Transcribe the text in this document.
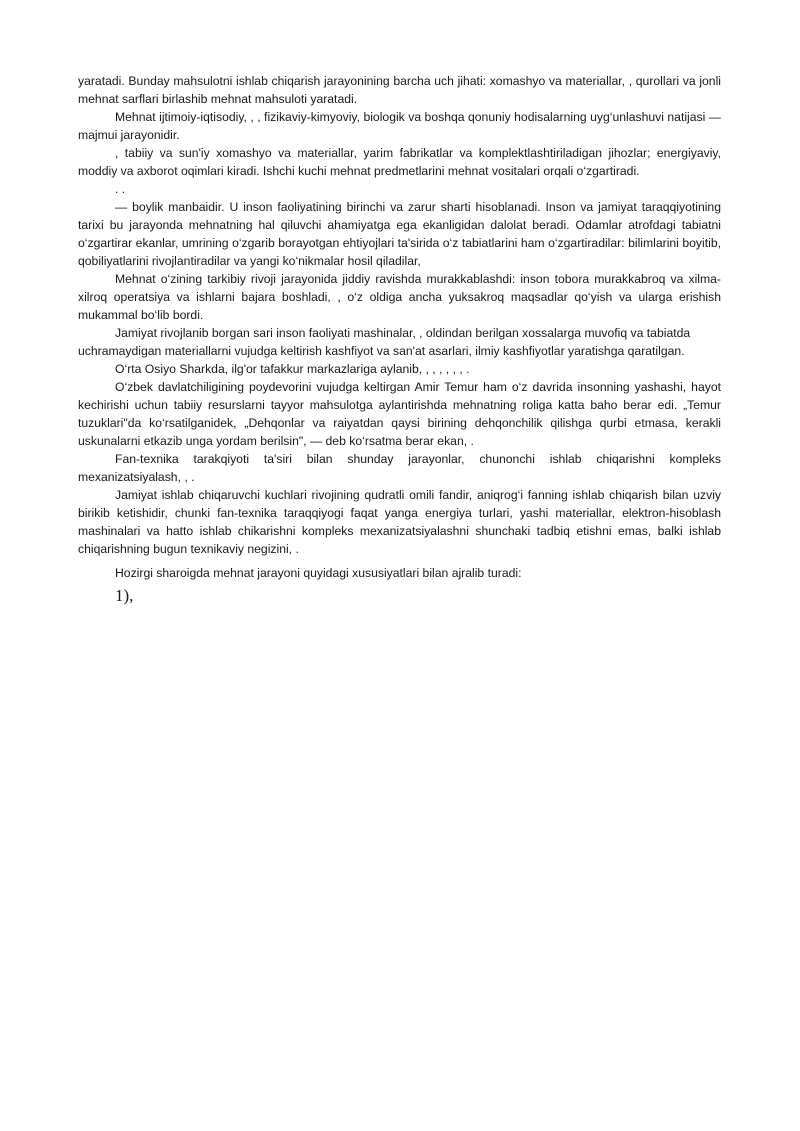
yaratadi. Bunday mahsulotni ishlab chiqarish jarayonining barcha uch jihati: xomashyo va materiallar, , qurollari va jonli mehnat sarflari birlashib mehnat mahsuloti yaratadi.

Mehnat ijtimoiy-iqtisodiy, , , fizikaviy-kimyoviy, biologik va boshqa qonuniy hodisalarning uyg‘unlashuvi natijasi — majmui jarayonidir.

, tabiiy va sun'iy xomashyo va materiallar, yarim fabrikatlar va komplektlashtiriladigan jihozlar; energiyaviy, moddiy va axborot oqimlari kiradi. Ishchi kuchi mehnat predmetlarini mehnat vositalari orqali o‘zgartiradi.

. .

— boylik manbaidir. U inson faoliyatining birinchi va zarur sharti hisoblanadi. Inson va jamiyat taraqqiyotining tarixi bu jarayonda mehnatning hal qiluvchi ahamiyatga ega ekanligidan dalolat beradi. Odamlar atrofdagi tabiatni o‘zgartirar ekanlar, umrining o‘zgarib borayotgan ehtiyojlari ta'sirida o‘z tabiatlarini ham o‘zgartiradilar: bilimlarini boyitib, qobiliyatlarini rivojlantiradilar va yangi ko‘nikmalar hosil qiladilar,

Mehnat o‘zining tarkibiy rivoji jarayonida jiddiy ravishda murakkablashdi: inson tobora murakkabroq va xilma-xilroq operatsiya va ishlarni bajara boshladi, , o‘z oldiga ancha yuksakroq maqsadlar qo‘yish va ularga erishish mukammal bo‘lib bordi.

Jamiyat rivojlanib borgan sari inson faoliyati mashinalar, , oldindan berilgan xossalarga muvofiq va tabiatda uchramaydigan materiallarni vujudga keltirish kashfiyot va san'at asarlari, ilmiy kashfiyotlar yaratishga qaratilgan.

O‘rta Osiyo Sharkda, ilg'or tafakkur markazlariga aylanib, , , , , , , .

O‘zbek davlatchiligining poydevorini vujudga keltirgan Amir Temur ham o‘z davrida insonning yashashi, hayot kechirishi uchun tabiiy resurslarni tayyor mahsulotga aylantirishda mehnatning roliga katta baho berar edi. „Temur tuzuklari"da ko‘rsatilganidek, „Dehqonlar va raiyatdan qaysi birining dehqonchilik qilishga qurbi etmasa, kerakli uskunalarni etkazib unga yordam berilsin", — deb ko‘rsatma berar ekan, .

Fan-texnika tarakqiyoti ta'siri bilan shunday jarayonlar, chunonchi ishlab chiqarishni kompleks mexanizatsiyalash, , .

Jamiyat ishlab chiqaruvchi kuchlari rivojining qudratli omili fandir, aniqrog‘i fanning ishlab chiqarish bilan uzviy birikib ketishidir, chunki fan-texnika taraqqiyogi faqat yanga energiya turlari, yashi materiallar, elektron-hisoblash mashinalari va hatto ishlab chikarishni kompleks mexanizatsiyalashni shunchaki tadbiq etishni emas, balki ishlab chiqarishning bugun texnikaviy negizini, .

Hozirgi sharoigda mehnat jarayoni quyidagi xususiyatlari bilan ajralib turadi:

1),
